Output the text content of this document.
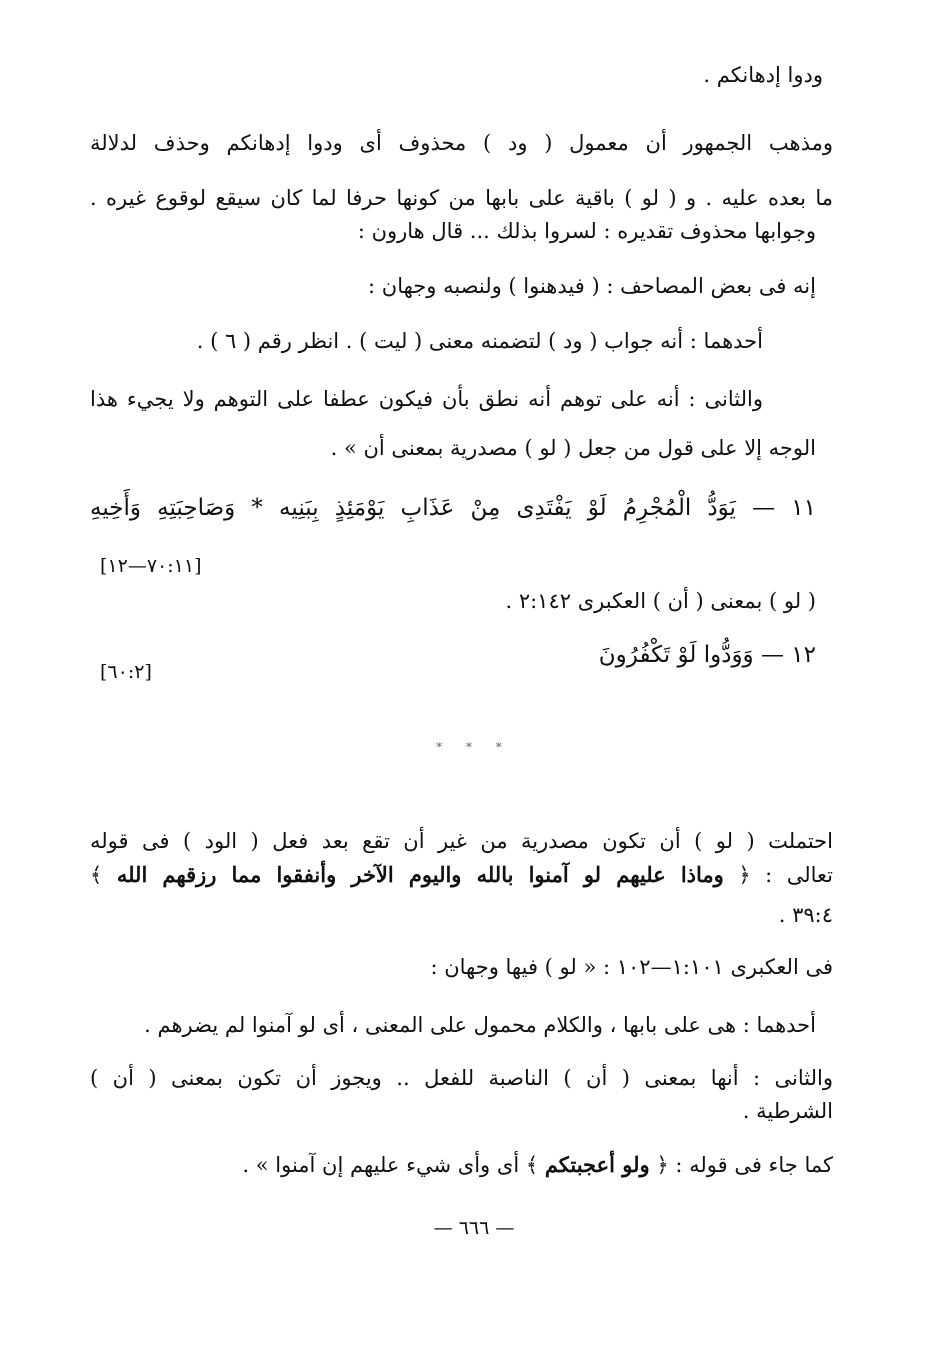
ودوا إدهانكم .
ومذهب الجمهور أن معمول ( ود ) محذوف أى ودوا إدهانكم وحذف لدلالة
ما بعده عليه . و ( لو ) باقية على بابها من كونها حرفا لما كان سيقع لوقوع غيره .
وجوابها محذوف تقديره : لسروا بذلك ... قال هارون :
إنه فى بعض المصاحف : ( فيدهنوا ) ولنصبه وجهان :
أحدهما : أنه جواب ( ود ) لتضمنه معنى ( ليت ) . انظر رقم ( ٦ ) .
والثانى : أنه على توهم أنه نطق بأن فيكون عطفا على التوهم ولا يجيء هذا
الوجه إلا على قول من جعل ( لو ) مصدرية بمعنى أن » .
١١ — يَوَدُّ الْمُجْرِمُ لَوْ يَفْتَدِى مِنْ عَذَابِ يَوْمَئِذٍ بِبَنِيه * وَصَاحِبَتِهِ وَأَخِيهِ
[٧٠:١١—١٢]
( لو ) بمعنى ( أن ) العكبرى ٢:١٤٢ .
١٢ — وَوَدُّوا لَوْ تَكْفُرُونَ
[٦٠:٢]
* * *
احتملت ( لو ) أن تكون مصدرية من غير أن تقع بعد فعل ( الود ) فى قوله
تعالى : ﴿ وماذا عليهم لو آمنوا بالله واليوم الآخر وأنفقوا مما رزقهم الله ﴾
٣٩:٤ .
فى العكبرى ١:١٠١—١٠٢ : « لو ) فيها وجهان :
أحدهما : هى على بابها ، والكلام محمول على المعنى ، أى لو آمنوا لم يضرهم .
والثانى : أنها بمعنى ( أن ) الناصبة للفعل .. ويجوز أن تكون بمعنى ( أن )
الشرطية .
كما جاء فى قوله : ﴿ ولو أعجبتكم ﴾ أى وأى شيء عليهم إن آمنوا » .
— ٦٦٦ —
